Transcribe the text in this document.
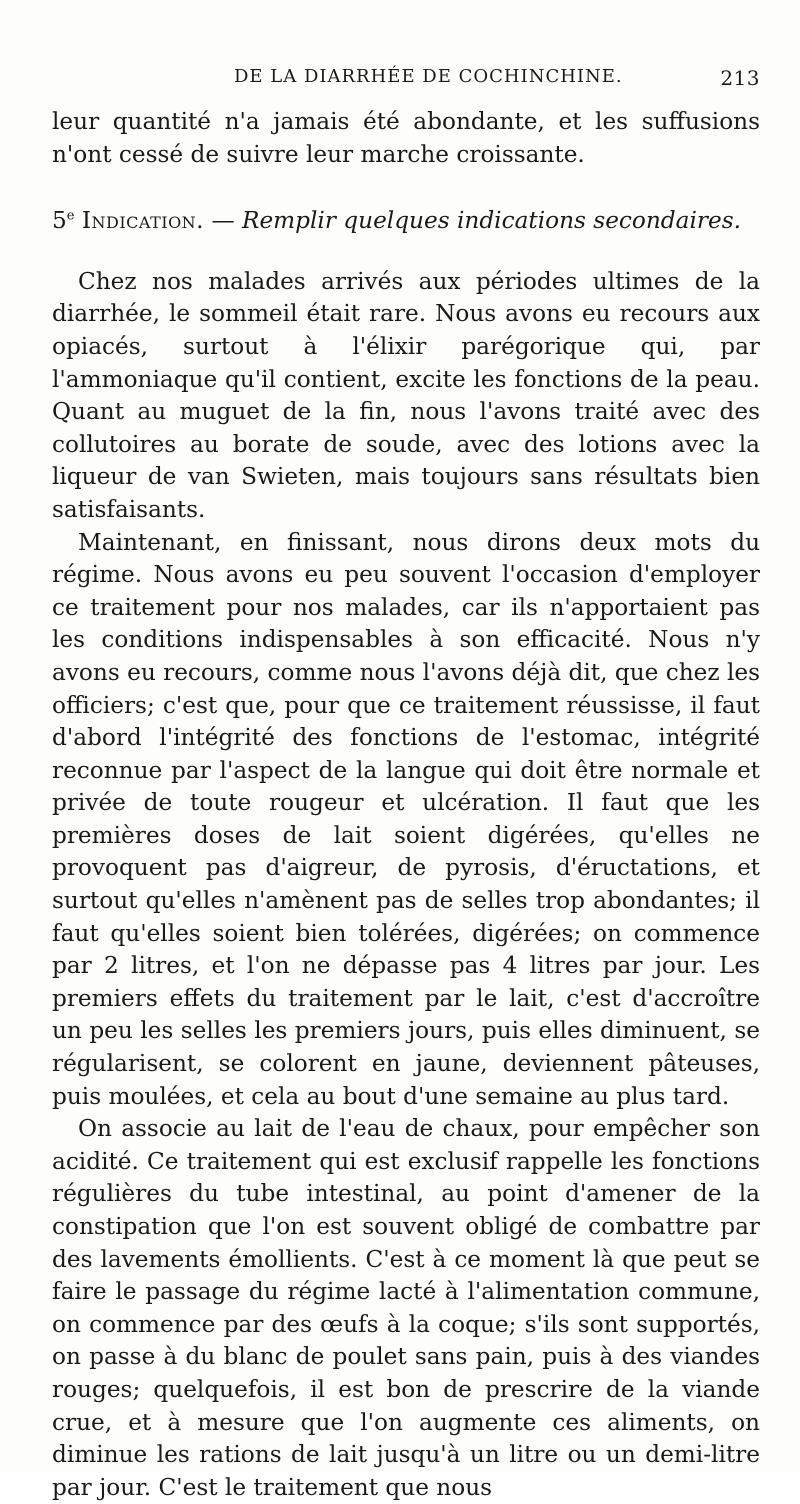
DE LA DIARRHÉE DE COCHINCHINE.	213

leur quantité n'a jamais été abondante, et les suffusions n'ont cessé de suivre leur marche croissante.

5e Indication. — Remplir quelques indications secondaires.

Chez nos malades arrivés aux périodes ultimes de la diarrhée, le sommeil était rare. Nous avons eu recours aux opiacés, surtout à l'élixir parégorique qui, par l'ammoniaque qu'il contient, excite les fonctions de la peau. Quant au muguet de la fin, nous l'avons traité avec des collutoires au borate de soude, avec des lotions avec la liqueur de van Swieten, mais toujours sans résultats bien satisfaisants.

Maintenant, en finissant, nous dirons deux mots du régime. Nous avons eu peu souvent l'occasion d'employer ce traitement pour nos malades, car ils n'apportaient pas les conditions indispensables à son efficacité. Nous n'y avons eu recours, comme nous l'avons déjà dit, que chez les officiers; c'est que, pour que ce traitement réussisse, il faut d'abord l'intégrité des fonctions de l'estomac, intégrité reconnue par l'aspect de la langue qui doit être normale et privée de toute rougeur et ulcération. Il faut que les premières doses de lait soient digérées, qu'elles ne provoquent pas d'aigreur, de pyrosis, d'éructations, et surtout qu'elles n'amènent pas de selles trop abondantes; il faut qu'elles soient bien tolérées, digérées; on commence par 2 litres, et l'on ne dépasse pas 4 litres par jour. Les premiers effets du traitement par le lait, c'est d'accroître un peu les selles les premiers jours, puis elles diminuent, se régularisent, se colorent en jaune, deviennent pâteuses, puis moulées, et cela au bout d'une semaine au plus tard.

On associe au lait de l'eau de chaux, pour empêcher son acidité. Ce traitement qui est exclusif rappelle les fonctions régulières du tube intestinal, au point d'amener de la constipation que l'on est souvent obligé de combattre par des lavements émollients. C'est à ce moment là que peut se faire le passage du régime lacté à l'alimentation commune, on commence par des œufs à la coque; s'ils sont supportés, on passe à du blanc de poulet sans pain, puis à des viandes rouges; quelquefois, il est bon de prescrire de la viande crue, et à mesure que l'on augmente ces aliments, on diminue les rations de lait jusqu'à un litre ou un demi-litre par jour. C'est le traitement que nous
